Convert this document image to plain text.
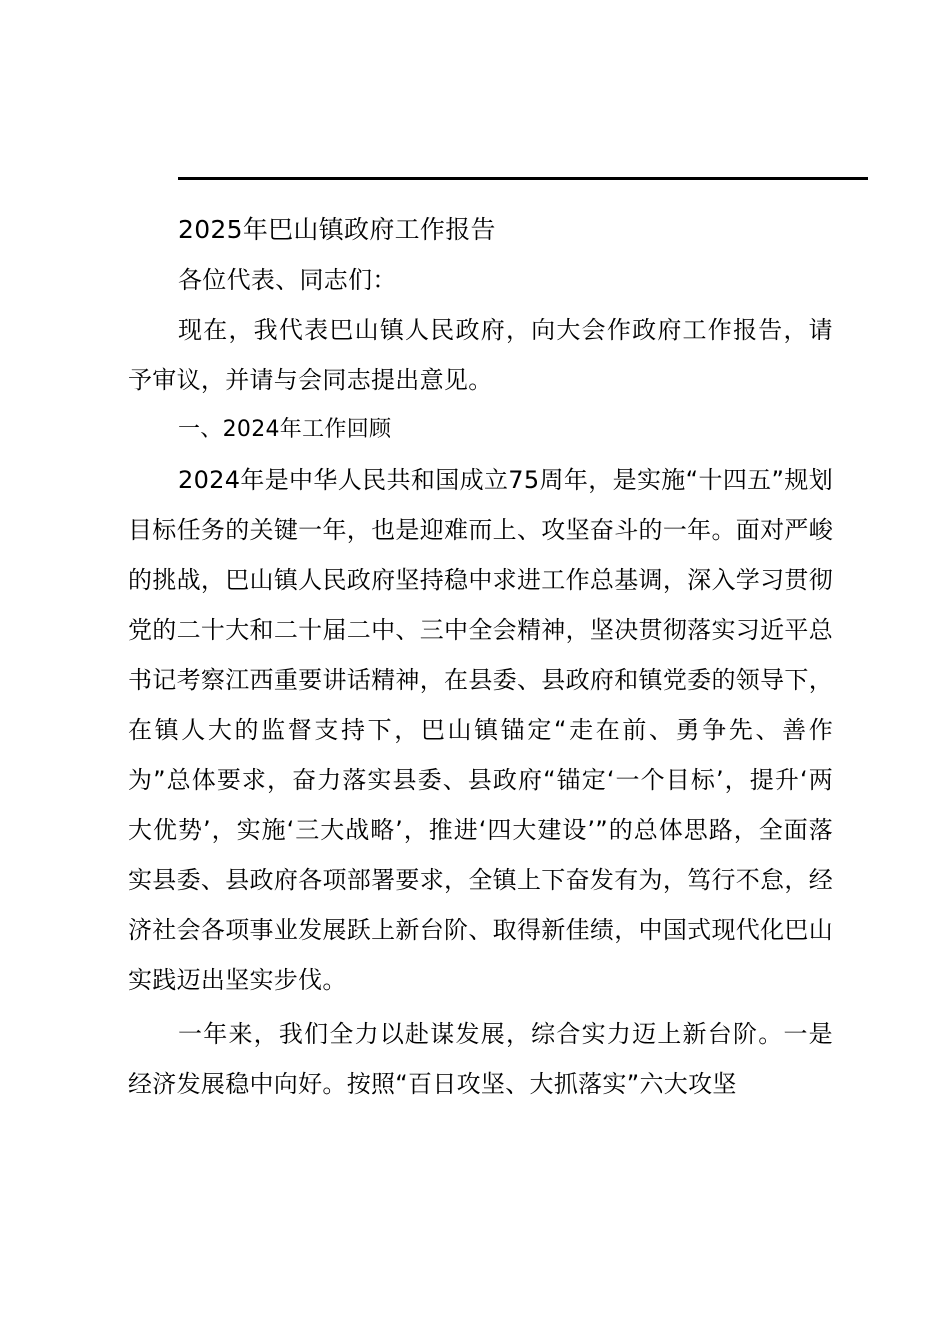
2025年巴山镇政府工作报告

各位代表、同志们：

现在，我代表巴山镇人民政府，向大会作政府工作报告，请予审议，并请与会同志提出意见。

一、2024年工作回顾

2024年是中华人民共和国成立75周年，是实施“十四五”规划目标任务的关键一年，也是迎难而上、攻坚奋斗的一年。面对严峻的挑战，巴山镇人民政府坚持稳中求进工作总基调，深入学习贯彻党的二十大和二十届二中、三中全会精神，坚决贯彻落实习近平总书记考察江西重要讲话精神，在县委、县政府和镇党委的领导下，在镇人大的监督支持下，巴山镇锚定“走在前、勇争先、善作为”总体要求，奋力落实县委、县政府“锚定‘一个目标’，提升‘两大优势’，实施‘三大战略’，推进‘四大建设’”的总体思路，全面落实县委、县政府各项部署要求，全镇上下奋发有为，笃行不怠，经济社会各项事业发展跃上新台阶、取得新佳绩，中国式现代化巴山实践迈出坚实步伐。

一年来，我们全力以赴谋发展，综合实力迈上新台阶。一是经济发展稳中向好。按照“百日攻坚、大抓落实”六大攻坚
